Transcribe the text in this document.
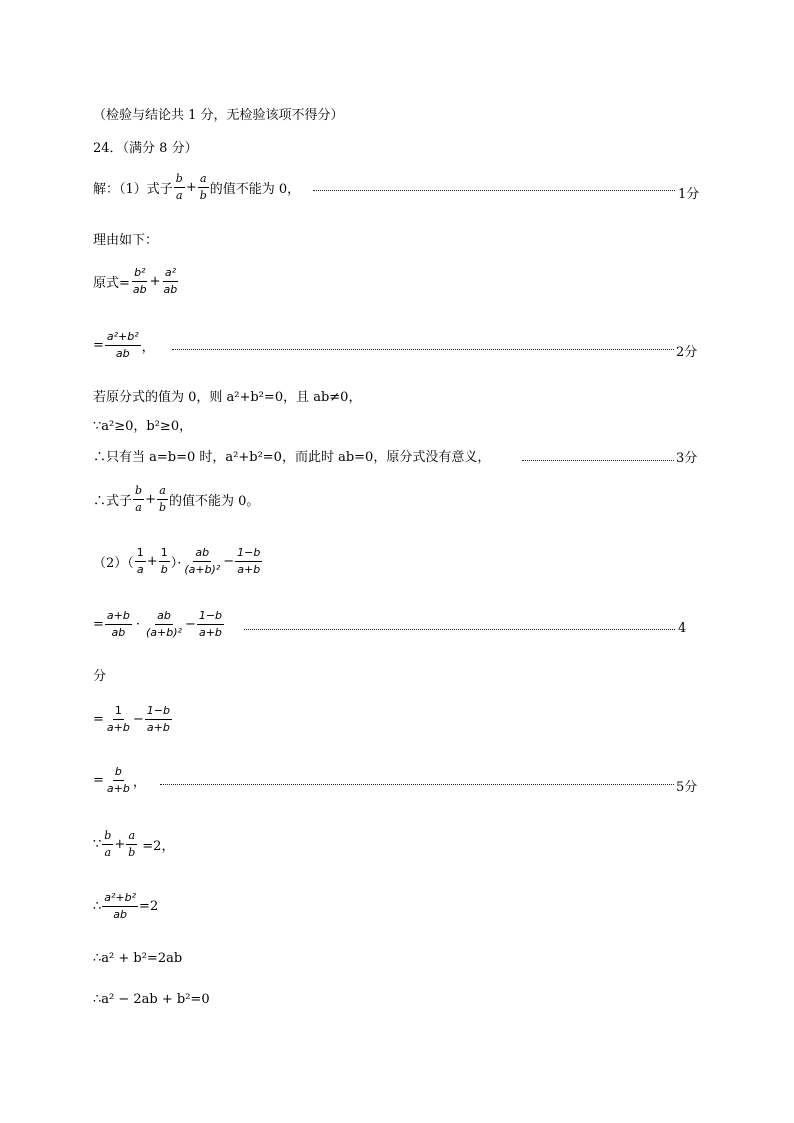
（检验与结论共 1 分，无检验该项不得分）
24．（满分 8 分）
解：（1）式子 $\frac{b}{a} + \frac{a}{b}$ 的值不能为 0，	1分
理由如下：
原式= $\frac{\text{b²}}{ab} + \frac{\text{a²}}{ab}$
= $\frac{\text{a²+b²}}{ab}$ ，	2分
若原分式的值为 0，则 a²+b²=0，且 ab≠0，
∵a²≥0，b²≥0，
∴只有当 a=b=0 时，a²+b²=0，而此时 ab=0，原分式没有意义，	3分
∴式子 $\frac{b}{a} + \frac{a}{b}$ 的值不能为 0。
$(2)( \frac{1}{a} + \frac{1}{b}$ ）· $\frac{ab}{\text{(a+b)²}} - \frac{1-b}{a+b}$
= $\frac{a+b}{ab} \cdot \frac{ab}{\text{(a+b)²}} - \frac{1-b}{a+b}$	4
分
= $\frac{1}{a+b} - \frac{1-b}{a+b}$
= $\frac{b}{a+b}$ ，	5分
∵ $\frac{b}{a} + \frac{a}{b} =2$，
∴ $\frac{\text{a²+b²}}{ab} =2$
∴a² + b²=2ab
∴a² − 2ab + b²=0
